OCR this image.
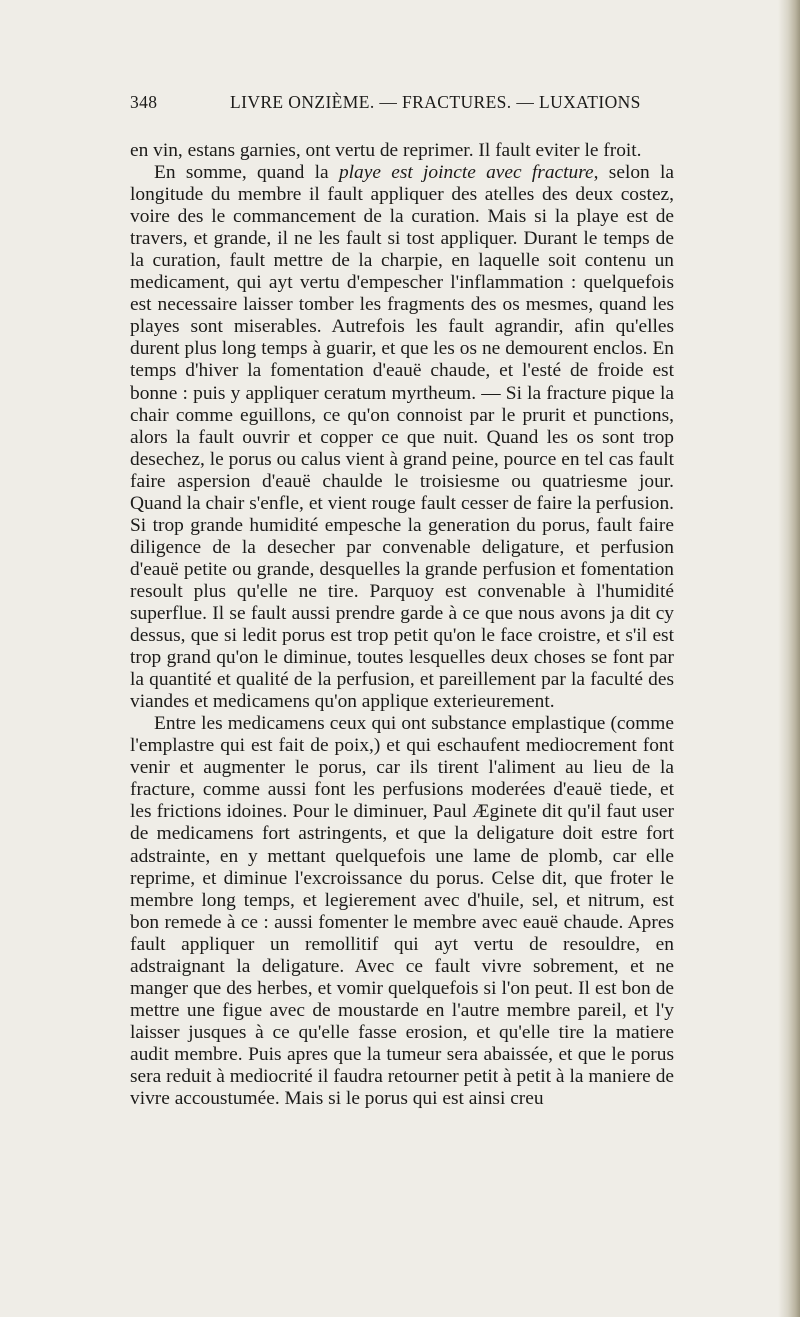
348	LIVRE ONZIÈME. — FRACTURES. — LUXATIONS

en vin, estans garnies, ont vertu de reprimer. Il fault eviter le froit.

En somme, quand la playe est joincte avec fracture, selon la longitude du membre il fault appliquer des atelles des deux costez, voire des le commancement de la curation. Mais si la playe est de travers, et grande, il ne les fault si tost appliquer. Durant le temps de la curation, fault mettre de la charpie, en laquelle soit contenu un medicament, qui ayt vertu d'empescher l'inflammation : quelquefois est necessaire laisser tomber les fragments des os mesmes, quand les playes sont miserables. Autrefois les fault agrandir, afin qu'elles durent plus long temps à guarir, et que les os ne demourent enclos. En temps d'hiver la fomentation d'eauë chaude, et l'esté de froide est bonne : puis y appliquer ceratum myrtheum. — Si la fracture pique la chair comme eguillons, ce qu'on connoist par le prurit et punctions, alors la fault ouvrir et copper ce que nuit. Quand les os sont trop desechez, le porus ou calus vient à grand peine, pource en tel cas fault faire aspersion d'eauë chaulde le troisiesme ou quatriesme jour. Quand la chair s'enfle, et vient rouge fault cesser de faire la perfusion. Si trop grande humidité empesche la generation du porus, fault faire diligence de la desecher par convenable deligature, et perfusion d'eauë petite ou grande, desquelles la grande perfusion et fomentation resoult plus qu'elle ne tire. Parquoy est convenable à l'humidité superflue. Il se fault aussi prendre garde à ce que nous avons ja dit cy dessus, que si ledit porus est trop petit qu'on le face croistre, et s'il est trop grand qu'on le diminue, toutes lesquelles deux choses se font par la quantité et qualité de la perfusion, et pareillement par la faculté des viandes et medicamens qu'on applique exterieurement.

Entre les medicamens ceux qui ont substance emplastique (comme l'emplastre qui est fait de poix,) et qui eschaufent mediocrement font venir et augmenter le porus, car ils tirent l'aliment au lieu de la fracture, comme aussi font les perfusions moderées d'eauë tiede, et les frictions idoines. Pour le diminuer, Paul Æginete dit qu'il faut user de medicamens fort astringents, et que la deligature doit estre fort adstrainte, en y mettant quelquefois une lame de plomb, car elle reprime, et diminue l'excroissance du porus. Celse dit, que froter le membre long temps, et legierement avec d'huile, sel, et nitrum, est bon remede à ce : aussi fomenter le membre avec eauë chaude. Apres fault appliquer un remollitif qui ayt vertu de resouldre, en adstraignant la deligature. Avec ce fault vivre sobrement, et ne manger que des herbes, et vomir quelquefois si l'on peut. Il est bon de mettre une figue avec de moustarde en l'autre membre pareil, et l'y laisser jusques à ce qu'elle fasse erosion, et qu'elle tire la matiere audit membre. Puis apres que la tumeur sera abaissée, et que le porus sera reduit à mediocrité il faudra retourner petit à petit à la maniere de vivre accoustumée. Mais si le porus qui est ainsi creu
